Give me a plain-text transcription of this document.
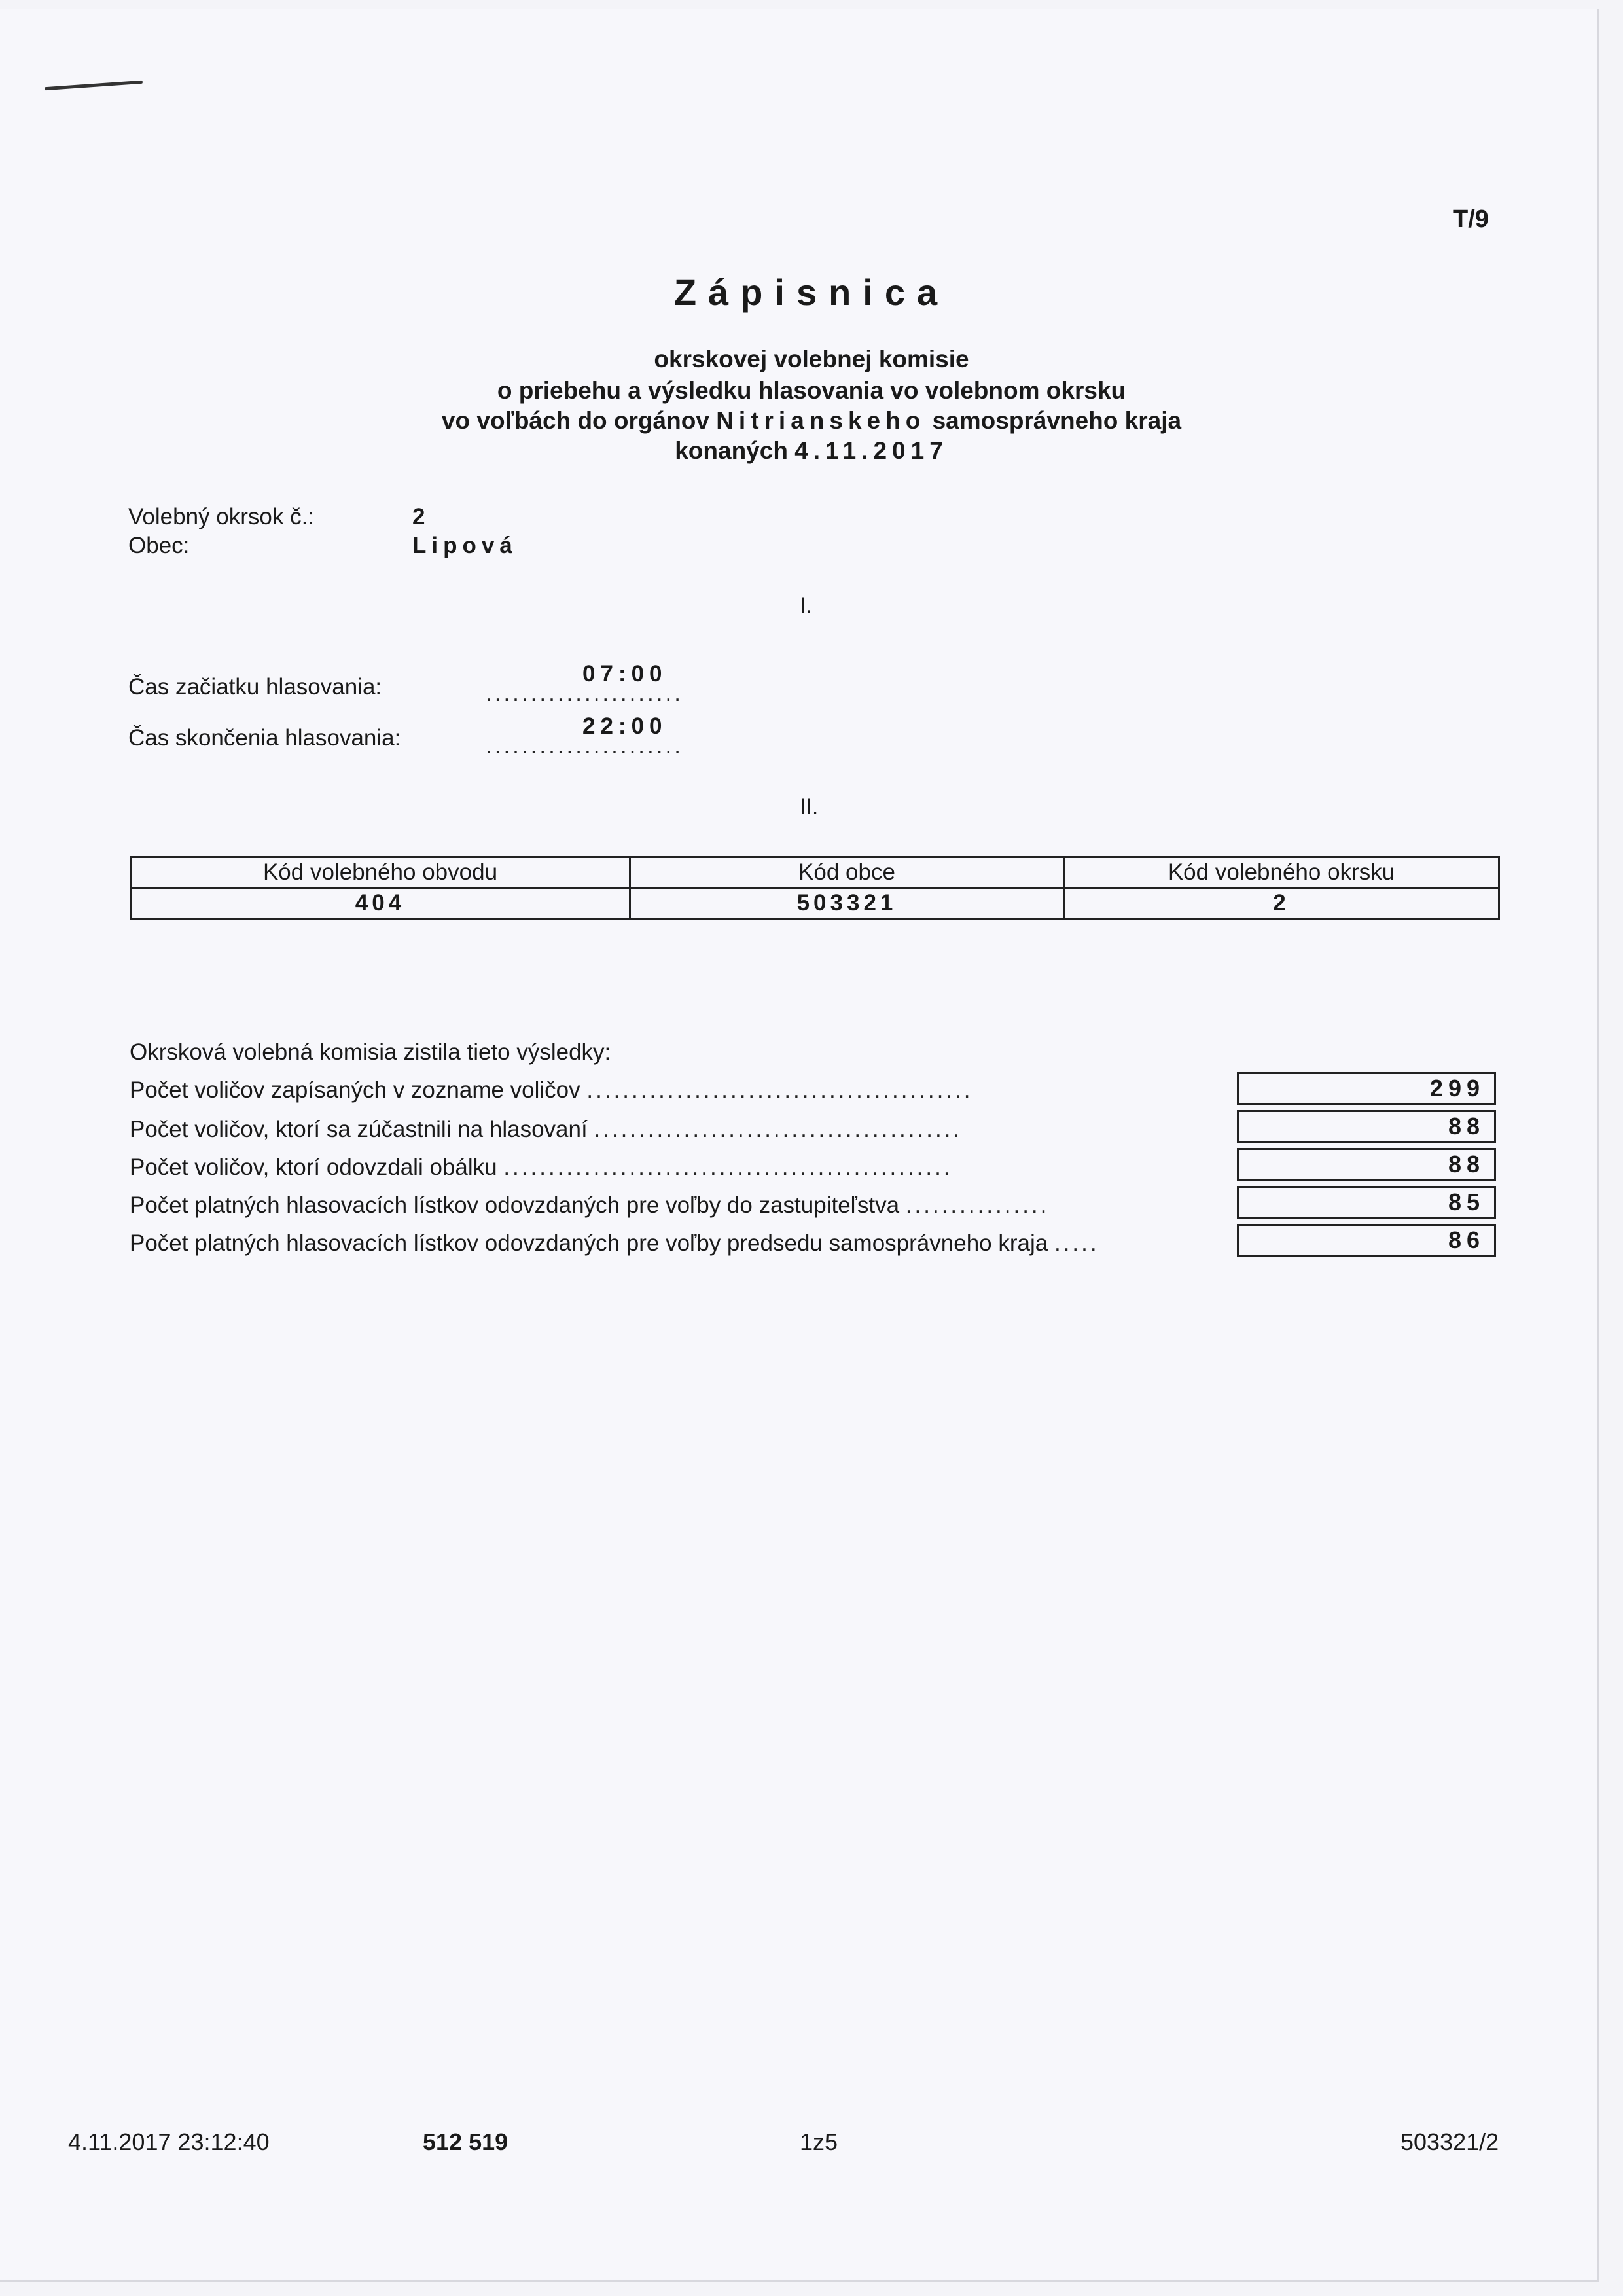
T/9
Zápisnica
okrskovej volebnej komisie
o priebehu a výsledku hlasovania vo volebnom okrsku
vo voľbách do orgánov Nitrianskeho samosprávneho kraja
konaných 4.11.2017
Volebný okrsok č.:	2
Obec:	Lipová
I.
Čas začiatku hlasovania:
07:00
......................
Čas skončenia hlasovania:	22:00
......................
II.
Kód volebného obvodu	Kód obce	Kód volebného okrsku
404	503321	2
Okrsková volebná komisia zistila tieto výsledky:
Počet voličov zapísaných v zozname voličov ...........................................	299
Počet voličov, ktorí sa zúčastnili na hlasovaní .........................................	88
Počet voličov, ktorí odovzdali obálku ..................................................	88
Počet platných hlasovacích lístkov odovzdaných pre voľby do zastupiteľstva ................	85
Počet platných hlasovacích lístkov odovzdaných pre voľby predsedu samosprávneho kraja .....	86
4.11.2017 23:12:40	512 519	1z5	503321/2
